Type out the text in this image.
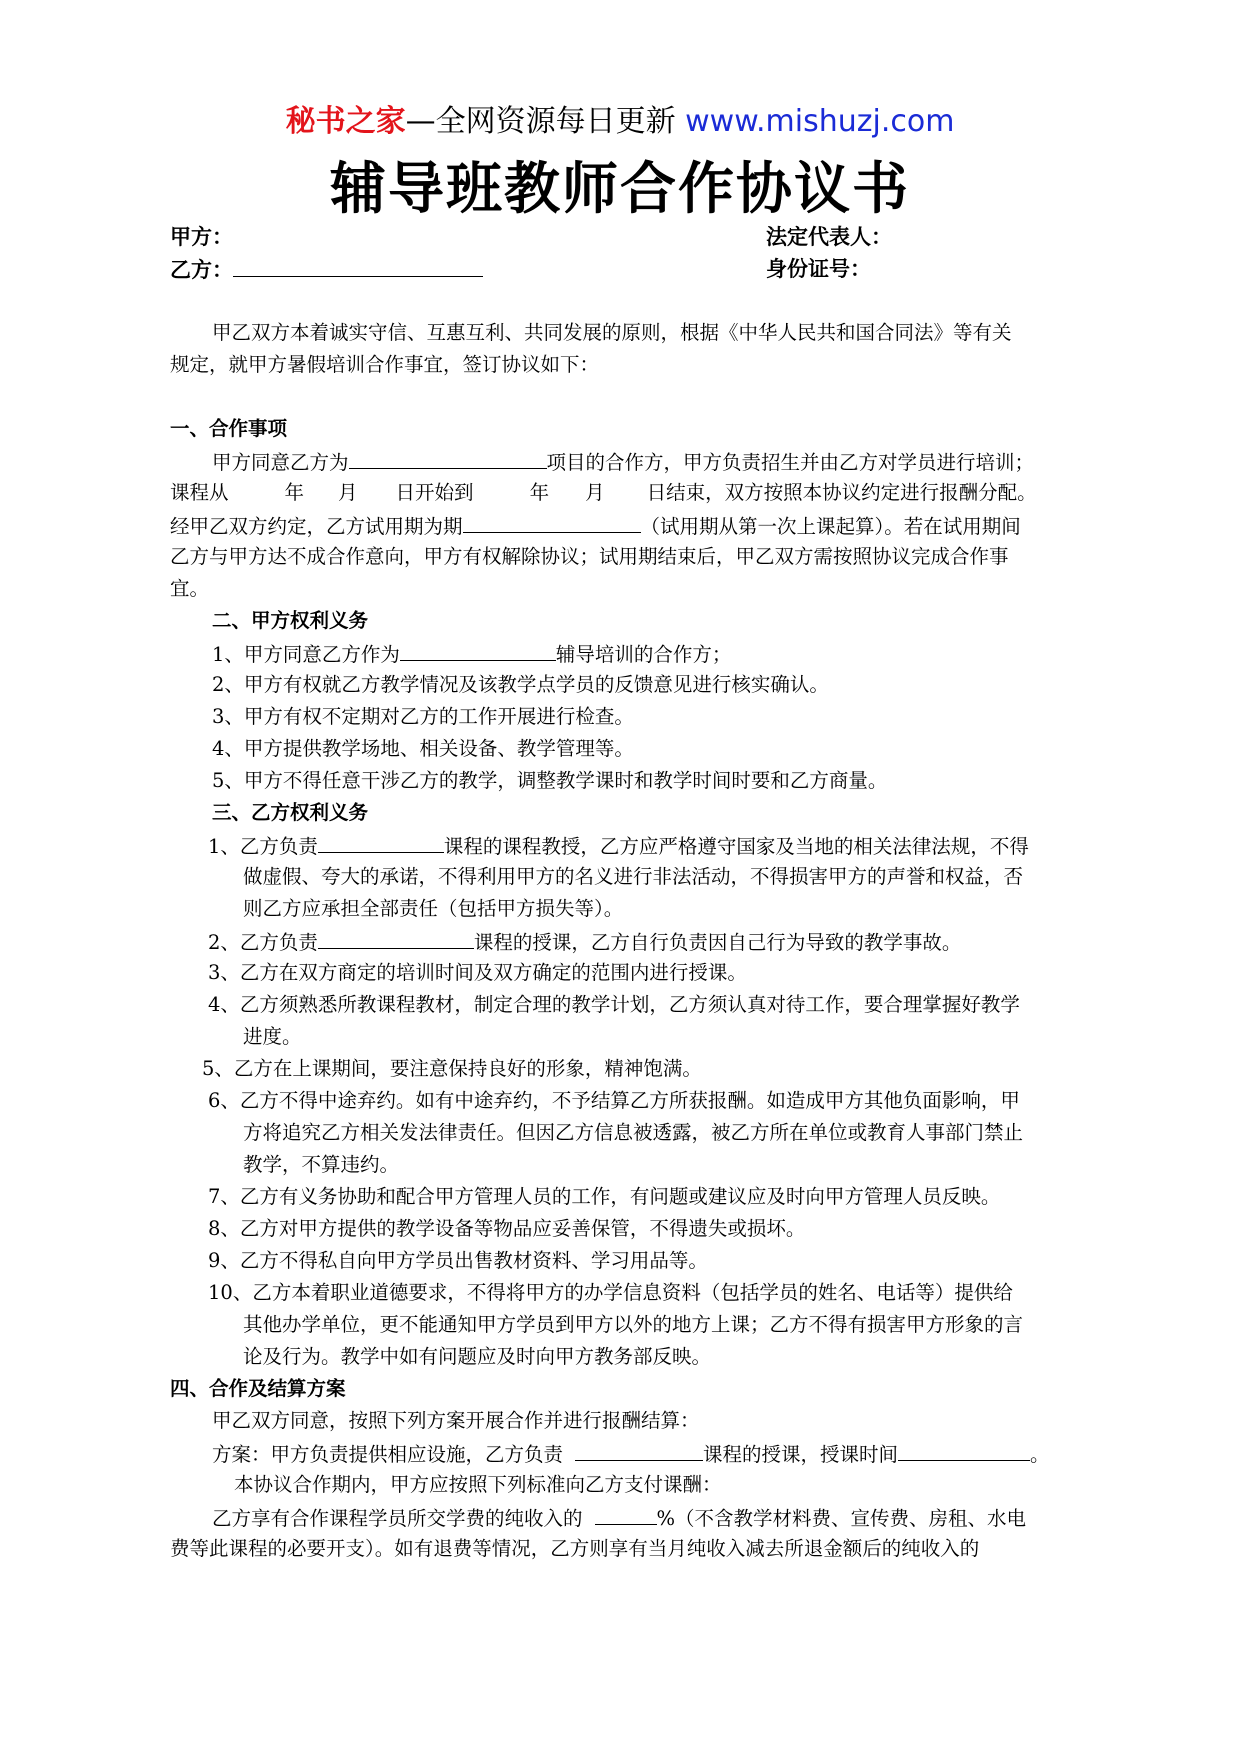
秘书之家—全网资源每日更新 www.mishuzj.com
辅导班教师合作协议书
甲方：	法定代表人：
乙方：	身份证号：
甲乙双方本着诚实守信、互惠互利、共同发展的原则，根据《中华人民共和国合同法》等有关
规定，就甲方暑假培训合作事宜，签订协议如下：
一、合作事项
甲方同意乙方为	项目的合作方，甲方负责招生并由乙方对学员进行培训；
课程从	年 月 日开始到	年 月 日结束，双方按照本协议约定进行报酬分配。
经甲乙双方约定，乙方试用期为期	（试用期从第一次上课起算）。若在试用期间
乙方与甲方达不成合作意向，甲方有权解除协议；试用期结束后，甲乙双方需按照协议完成合作事
宜。
二、甲方权利义务
1、甲方同意乙方作为	辅导培训的合作方；
2、甲方有权就乙方教学情况及该教学点学员的反馈意见进行核实确认。
3、甲方有权不定期对乙方的工作开展进行检查。
4、甲方提供教学场地、相关设备、教学管理等。
5、甲方不得任意干涉乙方的教学，调整教学课时和教学时间时要和乙方商量。
三、乙方权利义务
1、乙方负责	课程的课程教授，乙方应严格遵守国家及当地的相关法律法规，不得
做虚假、夸大的承诺，不得利用甲方的名义进行非法活动，不得损害甲方的声誉和权益，否
则乙方应承担全部责任（包括甲方损失等）。
2、乙方负责	课程的授课，乙方自行负责因自己行为导致的教学事故。
3、乙方在双方商定的培训时间及双方确定的范围内进行授课。
4、乙方须熟悉所教课程教材，制定合理的教学计划，乙方须认真对待工作，要合理掌握好教学
进度。
5、乙方在上课期间，要注意保持良好的形象，精神饱满。
6、乙方不得中途弃约。如有中途弃约，不予结算乙方所获报酬。如造成甲方其他负面影响，甲
方将追究乙方相关发法律责任。但因乙方信息被透露，被乙方所在单位或教育人事部门禁止
教学，不算违约。
7、乙方有义务协助和配合甲方管理人员的工作，有问题或建议应及时向甲方管理人员反映。
8、乙方对甲方提供的教学设备等物品应妥善保管，不得遗失或损坏。
9、乙方不得私自向甲方学员出售教材资料、学习用品等。
10、乙方本着职业道德要求，不得将甲方的办学信息资料（包括学员的姓名、电话等）提供给
其他办学单位，更不能通知甲方学员到甲方以外的地方上课；乙方不得有损害甲方形象的言
论及行为。教学中如有问题应及时向甲方教务部反映。
四、合作及结算方案
甲乙双方同意，按照下列方案开展合作并进行报酬结算：
方案：甲方负责提供相应设施，乙方负责	课程的授课，授课时间	。
本协议合作期内，甲方应按照下列标准向乙方支付课酬：
乙方享有合作课程学员所交学费的纯收入的	%（不含教学材料费、宣传费、房租、水电
费等此课程的必要开支）。如有退费等情况，乙方则享有当月纯收入减去所退金额后的纯收入的
